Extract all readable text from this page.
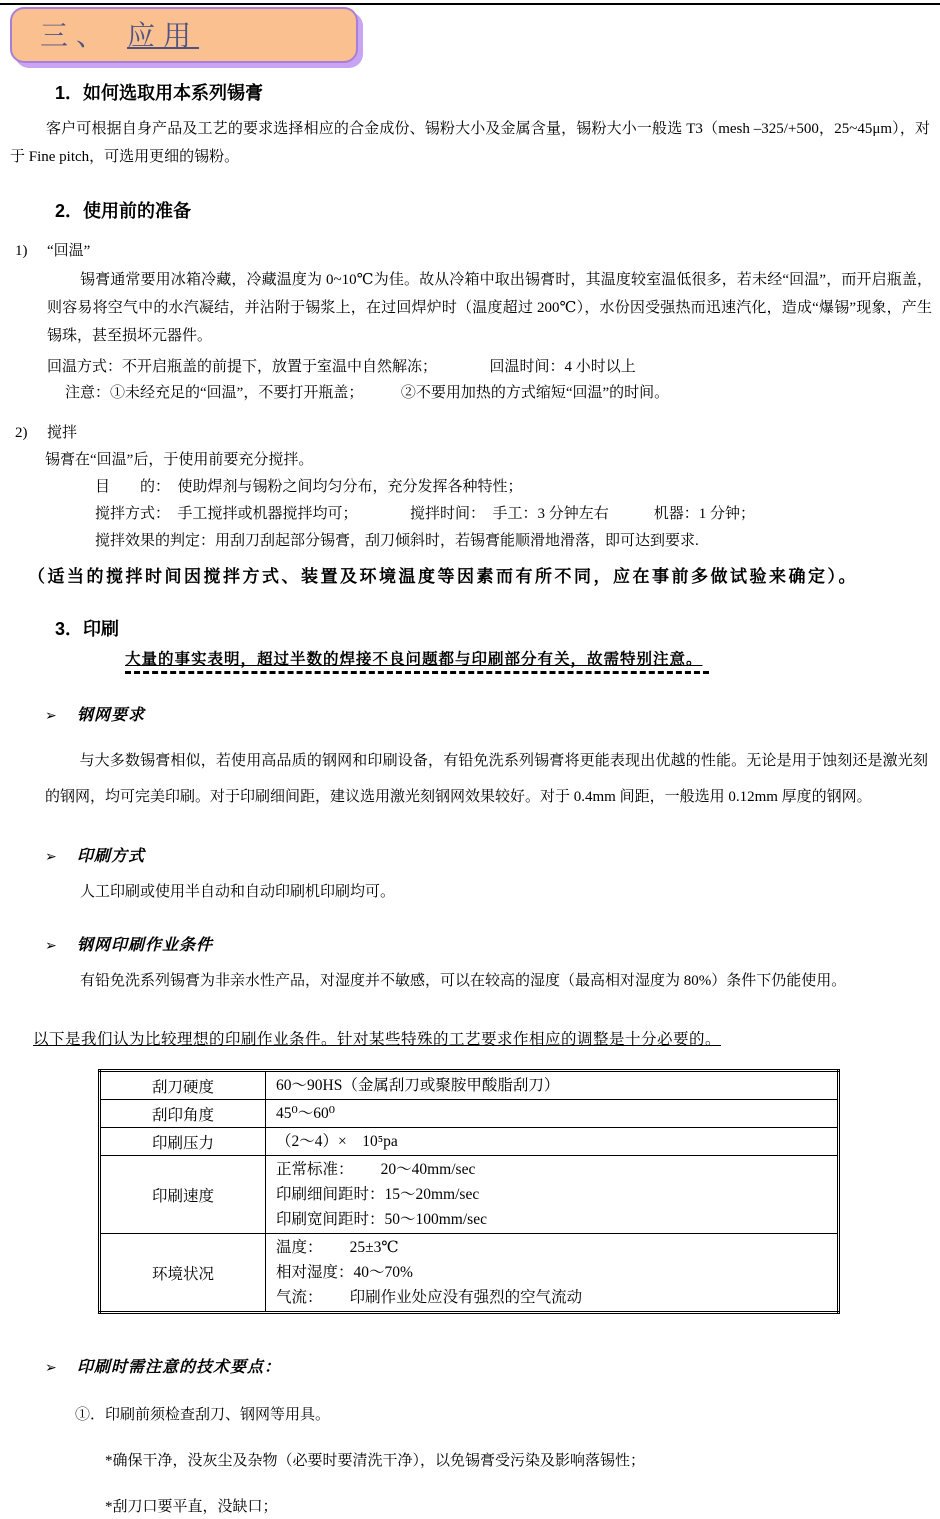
三、 应用
1．如何选取用本系列锡膏
客户可根据自身产品及工艺的要求选择相应的合金成份、锡粉大小及金属含量，锡粉大小一般选 T3（mesh –325/+500，25~45μm），对于 Fine pitch，可选用更细的锡粉。
2．使用前的准备
1) “回温”
锡膏通常要用冰箱冷藏，冷藏温度为 0~10℃为佳。故从冷箱中取出锡膏时，其温度较室温低很多，若未经“回温”，而开启瓶盖，则容易将空气中的水汽凝结，并沾附于锡浆上，在过回焊炉时（温度超过 200℃），水份因受强热而迅速汽化，造成“爆锡”现象，产生锡珠，甚至损坏元器件。
回温方式：不开启瓶盖的前提下，放置于室温中自然解冻；　　　　回温时间：4 小时以上
注意：①未经充足的“回温”，不要打开瓶盖；　　　②不要用加热的方式缩短“回温”的时间。
2) 搅拌
锡膏在“回温”后，于使用前要充分搅拌。
目　　的：　使助焊剂与锡粉之间均匀分布，充分发挥各种特性；
搅拌方式：　手工搅拌或机器搅拌均可；　　　　搅拌时间：　手工：3 分钟左右　　　机器：1 分钟；
搅拌效果的判定：用刮刀刮起部分锡膏，刮刀倾斜时，若锡膏能顺滑地滑落，即可达到要求.
（适当的搅拌时间因搅拌方式、装置及环境温度等因素而有所不同，应在事前多做试验来确定）。
3．印刷
大量的事实表明，超过半数的焊接不良问题都与印刷部分有关，故需特别注意。
➢ 钢网要求
与大多数锡膏相似，若使用高品质的钢网和印刷设备，有铅免洗系列锡膏将更能表现出优越的性能。无论是用于蚀刻还是激光刻的钢网，均可完美印刷。对于印刷细间距，建议选用激光刻钢网效果较好。对于 0.4mm 间距，一般选用 0.12mm 厚度的钢网。
➢ 印刷方式
人工印刷或使用半自动和自动印刷机印刷均可。
➢ 钢网印刷作业条件
有铅免洗系列锡膏为非亲水性产品，对湿度并不敏感，可以在较高的湿度（最高相对湿度为 80%）条件下仍能使用。
以下是我们认为比较理想的印刷作业条件。针对某些特殊的工艺要求作相应的调整是十分必要的。
刮刀硬度	60～90HS（金属刮刀或聚胺甲酸脂刮刀）

刮印角度	45⁰～60⁰

印刷压力	（2～4）×　10⁵pa

印刷速度	正常标准：　　 20～40mm/sec
印刷细间距时：15～20mm/sec
印刷宽间距时：50～100mm/sec

环境状况	温度：　　 25±3℃
相对湿度：40～70%
气流：　　 印刷作业处应没有强烈的空气流动
➢ 印刷时需注意的技术要点：
①．印刷前须检查刮刀、钢网等用具。
*确保干净，没灰尘及杂物（必要时要清洗干净），以免锡膏受污染及影响落锡性；
*刮刀口要平直，没缺口；
